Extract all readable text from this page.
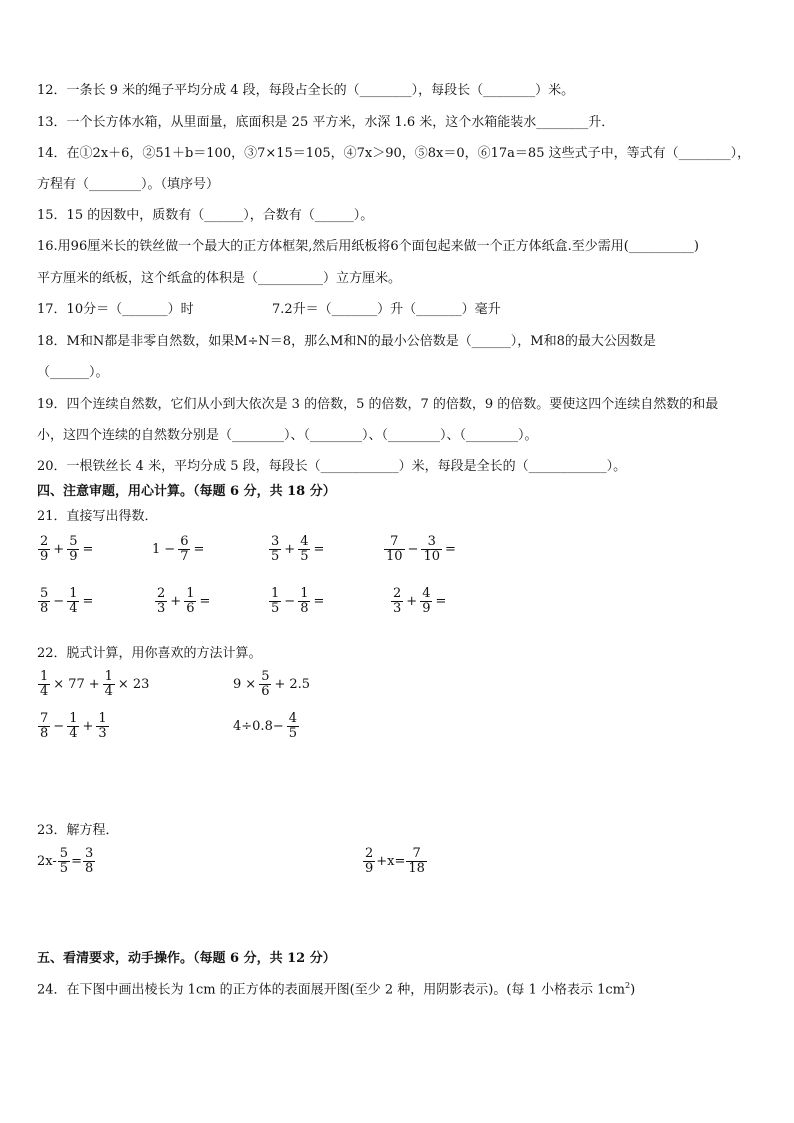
12．一条长 9 米的绳子平均分成 4 段，每段占全长的（________），每段长（________）米。
13．一个长方体水箱，从里面量，底面积是 25 平方米，水深 1.6 米，这个水箱能装水________升．
14．在①2x＋6，②51＋b＝100，③7×15＝105，④7x＞90，⑤8x＝0，⑥17a＝85 这些式子中，等式有（________），
方程有（________）。（填序号）
15．15 的因数中，质数有（______），合数有（______）。
16.用96厘米长的铁丝做一个最大的正方体框架,然后用纸板将6个面包起来做一个正方体纸盒.至少需用(__________)
平方厘米的纸板，这个纸盒的体积是（__________）立方厘米。
17．10分＝（_______）时	7.2升＝（_______）升（_______）毫升
18．M和N都是非零自然数，如果M÷N＝8，那么M和N的最小公倍数是（______），M和8的最大公因数是
（______）。
19．四个连续自然数，它们从小到大依次是 3 的倍数，5 的倍数，7 的倍数，9 的倍数。要使这四个连续自然数的和最
小，这四个连续的自然数分别是（________）、（________）、（________）、（________）。
20．一根铁丝长 4 米，平均分成 5 段，每段长（____________）米，每段是全长的（____________）。
四、注意审题，用心计算。（每题 6 分，共 18 分）
21．直接写出得数．
$\frac{2}{9} + \frac{5}{9}$ =	$1 - \frac{6}{7}$ =	$\frac{3}{5} + \frac{4}{5}$ =	$\frac{7}{10} - \frac{3}{10}$ =
$\frac{5}{8} - \frac{1}{4}$ =	$\frac{2}{3} + \frac{1}{6}$ =	$\frac{1}{5} - \frac{1}{8}$ =	$\frac{2}{3} + \frac{4}{9}$ =
22．脱式计算，用你喜欢的方法计算。
$\frac{1}{4} \times 77 + \frac{1}{4} \times 23$	$9 \times \frac{5}{6} + 2.5$
$\frac{7}{8} - \frac{1}{4} + \frac{1}{3}$	$4\div 0.8- \frac{4}{5}$
23．解方程．
$2x- \frac{5}{5} = \frac{3}{8}$	$\frac{2}{9} +x= \frac{7}{18}$
五、看清要求，动手操作。（每题 6 分，共 12 分）
24．在下图中画出棱长为 1cm 的正方体的表面展开图(至少 2 种，用阴影表示)。(每 1 小格表示 $1cm^2$)
